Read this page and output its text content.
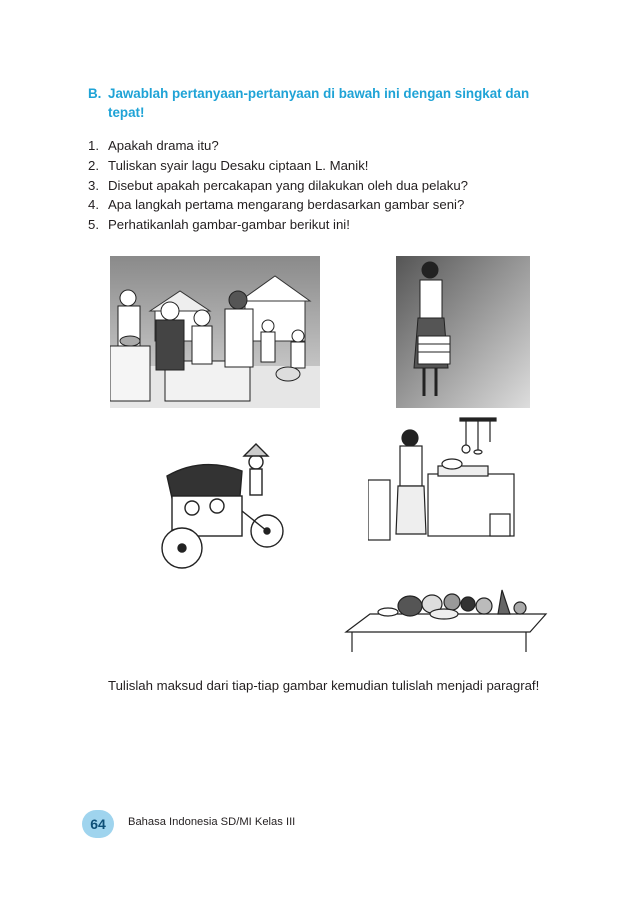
B. Jawablah pertanyaan-pertanyaan di bawah ini dengan singkat dan tepat!
1. Apakah drama itu?
2. Tuliskan syair lagu Desaku ciptaan L. Manik!
3. Disebut apakah percakapan yang dilakukan oleh dua pelaku?
4. Apa langkah pertama mengarang berdasarkan gambar seni?
5. Perhatikanlah gambar-gambar berikut ini!
Tulislah maksud dari tiap-tiap gambar kemudian tulislah menjadi paragraf!
64	Bahasa Indonesia SD/MI Kelas III
